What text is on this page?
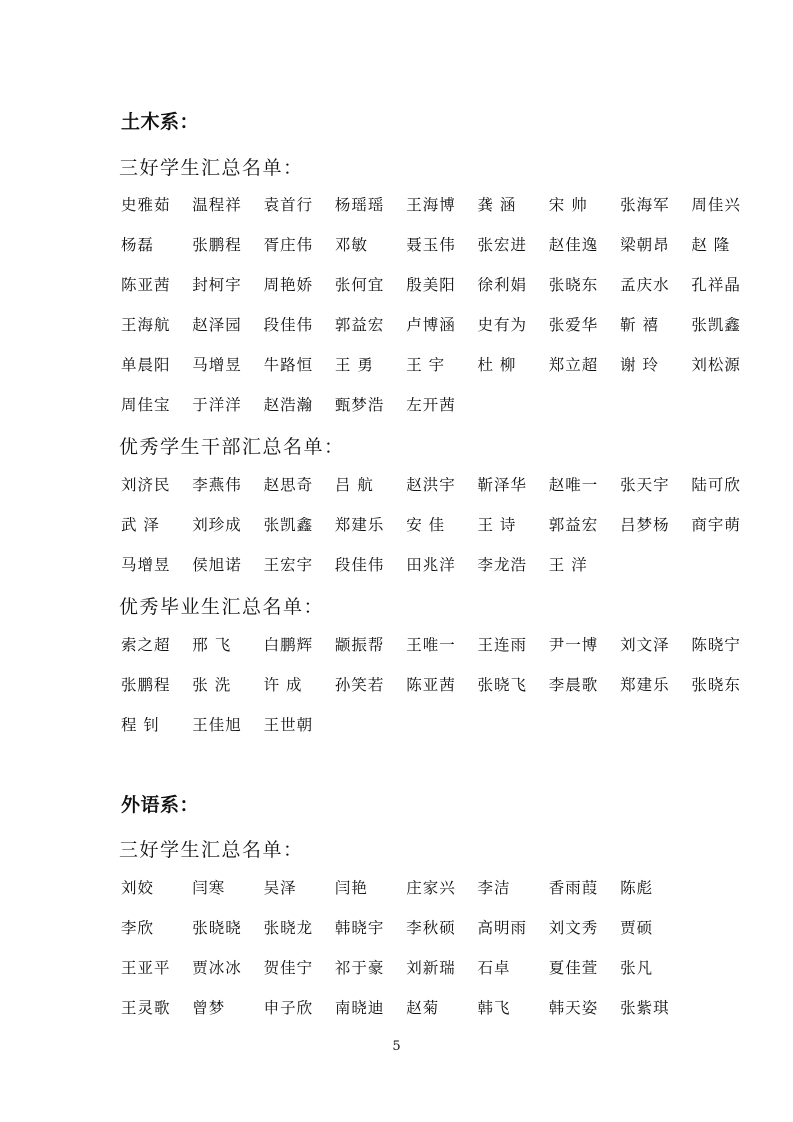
土木系：
三好学生汇总名单：
史雅茹	温程祥	袁首行	杨瑶瑶	王海博	龚 涵	宋 帅	张海军	周佳兴
杨磊	张鹏程	胥庄伟	邓敏	聂玉伟	张宏进	赵佳逸	梁朝昂	赵 隆
陈亚茜	封柯宇	周艳娇	张何宜	殷美阳	徐利娟	张晓东	孟庆水	孔祥晶
王海航	赵泽园	段佳伟	郭益宏	卢博涵	史有为	张爱华	靳 禧	张凯鑫
单晨阳	马增昱	牛路恒	王 勇	王 宇	杜 柳	郑立超	谢 玲	刘松源
周佳宝	于洋洋	赵浩瀚	甄梦浩	左开茜
优秀学生干部汇总名单：
刘济民	李燕伟	赵思奇	吕 航	赵洪宇	靳泽华	赵唯一	张天宇	陆可欣
武 泽	刘珍成	张凯鑫	郑建乐	安 佳	王 诗	郭益宏	吕梦杨	商宇萌
马增昱	侯旭诺	王宏宇	段佳伟	田兆洋	李龙浩	王 洋
优秀毕业生汇总名单：
索之超	邢 飞	白鹏辉	颛振帮	王唯一	王连雨	尹一博	刘文泽	陈晓宁
张鹏程	张 洗	许 成	孙笑若	陈亚茜	张晓飞	李晨歌	郑建乐	张晓东
程 钊	王佳旭	王世朝
外语系：
三好学生汇总名单：
刘姣	闫寒	吴泽	闫艳	庄家兴	李洁	香雨葭	陈彪
李欣	张晓晓	张晓龙	韩晓宇	李秋硕	高明雨	刘文秀	贾硕
王亚平	贾冰冰	贺佳宁	祁于豪	刘新瑞	石卓	夏佳萱	张凡
王灵歌	曾梦	申子欣	南晓迪	赵菊	韩飞	韩天姿	张紫琪
5
